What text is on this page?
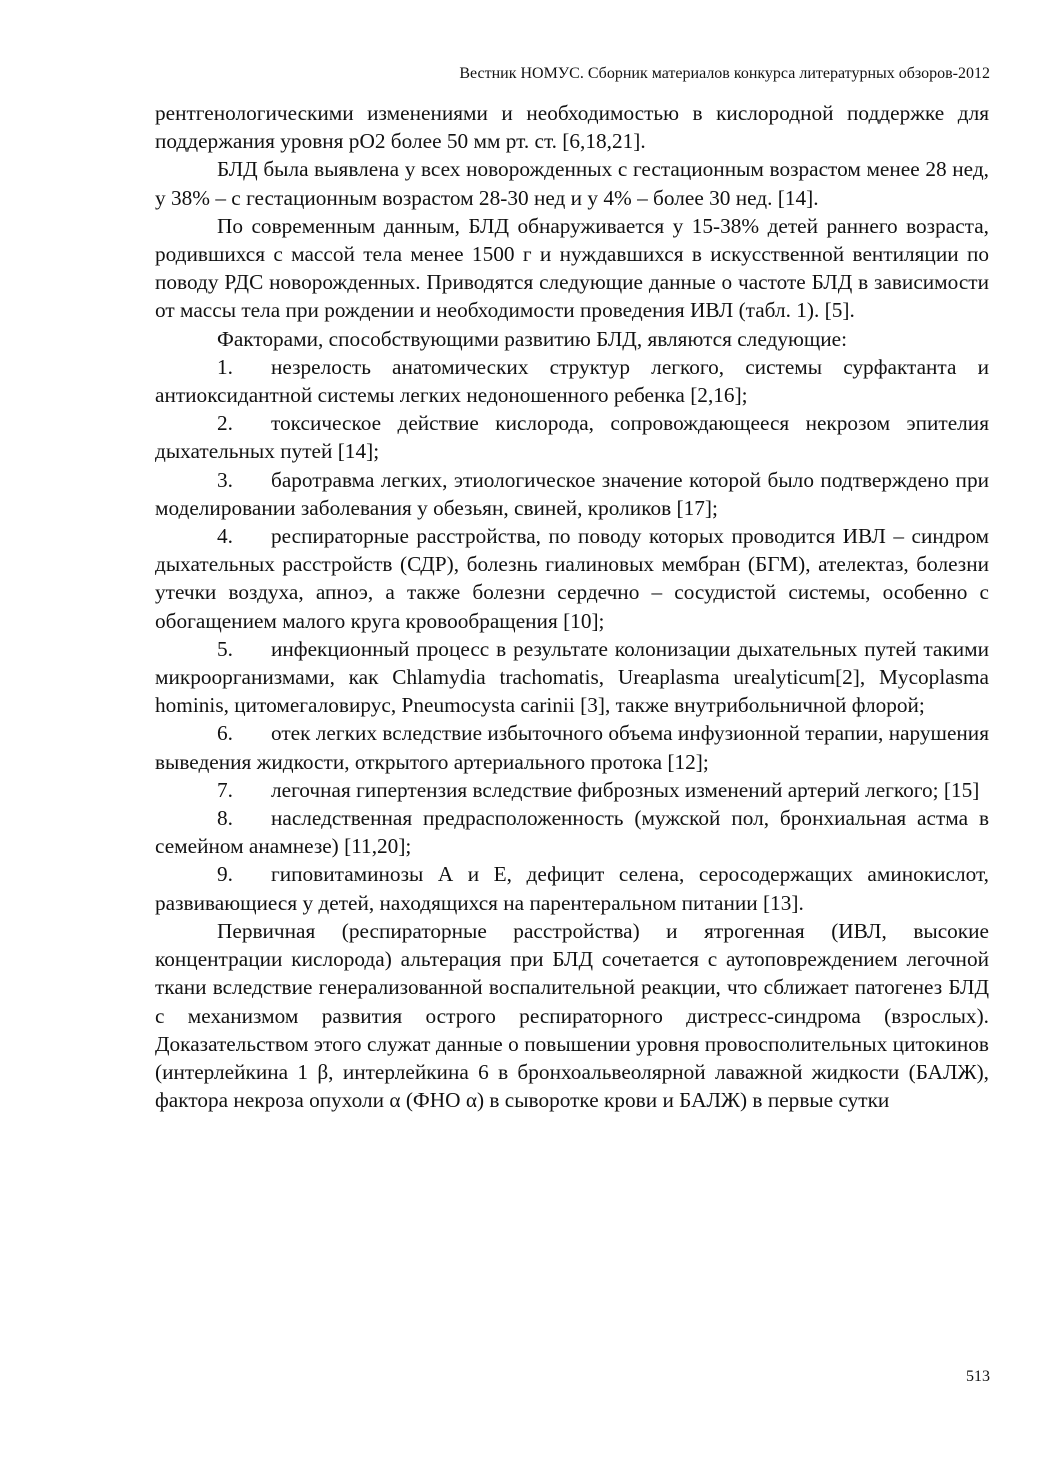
Вестник НОМУС. Сборник материалов конкурса литературных обзоров-2012

рентгенологическими изменениями и необходимостью в кислородной поддержке для поддержания уровня рО2 более 50 мм рт. ст. [6,18,21].

БЛД была выявлена у всех новорожденных с гестационным возрастом менее 28 нед, у 38% – с гестационным возрастом 28-30 нед и у 4% – более 30 нед. [14].

По современным данным, БЛД обнаруживается у 15-38% детей раннего возраста, родившихся с массой тела менее 1500 г и нуждавшихся в искусственной вентиляции по поводу РДС новорожденных. Приводятся следующие данные о частоте БЛД в зависимости от массы тела при рождении и необходимости проведения ИВЛ (табл. 1). [5].

Факторами, способствующими развитию БЛД, являются следующие:

1. незрелость анатомических структур легкого, системы сурфактанта и антиоксидантной системы легких недоношенного ребенка [2,16];

2. токсическое действие кислорода, сопровождающееся некрозом эпителия дыхательных путей [14];

3. баротравма легких, этиологическое значение которой было подтверждено при моделировании заболевания у обезьян, свиней, кроликов [17];

4. респираторные расстройства, по поводу которых проводится ИВЛ – синдром дыхательных расстройств (СДР), болезнь гиалиновых мембран (БГМ), ателектаз, болезни утечки воздуха, апноэ, а также болезни сердечно – сосудистой системы, особенно с обогащением малого круга кровообращения [10];

5. инфекционный процесс в результате колонизации дыхательных путей такими микроорганизмами, как Chlamydia trachomatis, Ureaplasma urealyticum[2], Mycoplasma hominis, цитомегаловирус, Pneumocysta carinii [3], также внутрибольничной флорой;

6. отек легких вследствие избыточного объема инфузионной терапии, нарушения выведения жидкости, открытого артериального протока [12];

7. легочная гипертензия вследствие фиброзных изменений артерий легкого; [15]

8. наследственная предрасположенность (мужской пол, бронхиальная астма в семейном анамнезе) [11,20];

9. гиповитаминозы А и Е, дефицит селена, серосодержащих аминокислот, развивающиеся у детей, находящихся на парентеральном питании [13].

Первичная (респираторные расстройства) и ятрогенная (ИВЛ, высокие концентрации кислорода) альтерация при БЛД сочетается с аутоповреждением легочной ткани вследствие генерализованной воспалительной реакции, что сближает патогенез БЛД с механизмом развития острого респираторного дистресс-синдрома (взрослых). Доказательством этого служат данные о повышении уровня провосполительных цитокинов (интерлейкина 1 β, интерлейкина 6 в бронхоальвеолярной лаважной жидкости (БАЛЖ), фактора некроза опухоли α (ФНО α) в сыворотке крови и БАЛЖ) в первые сутки

513
